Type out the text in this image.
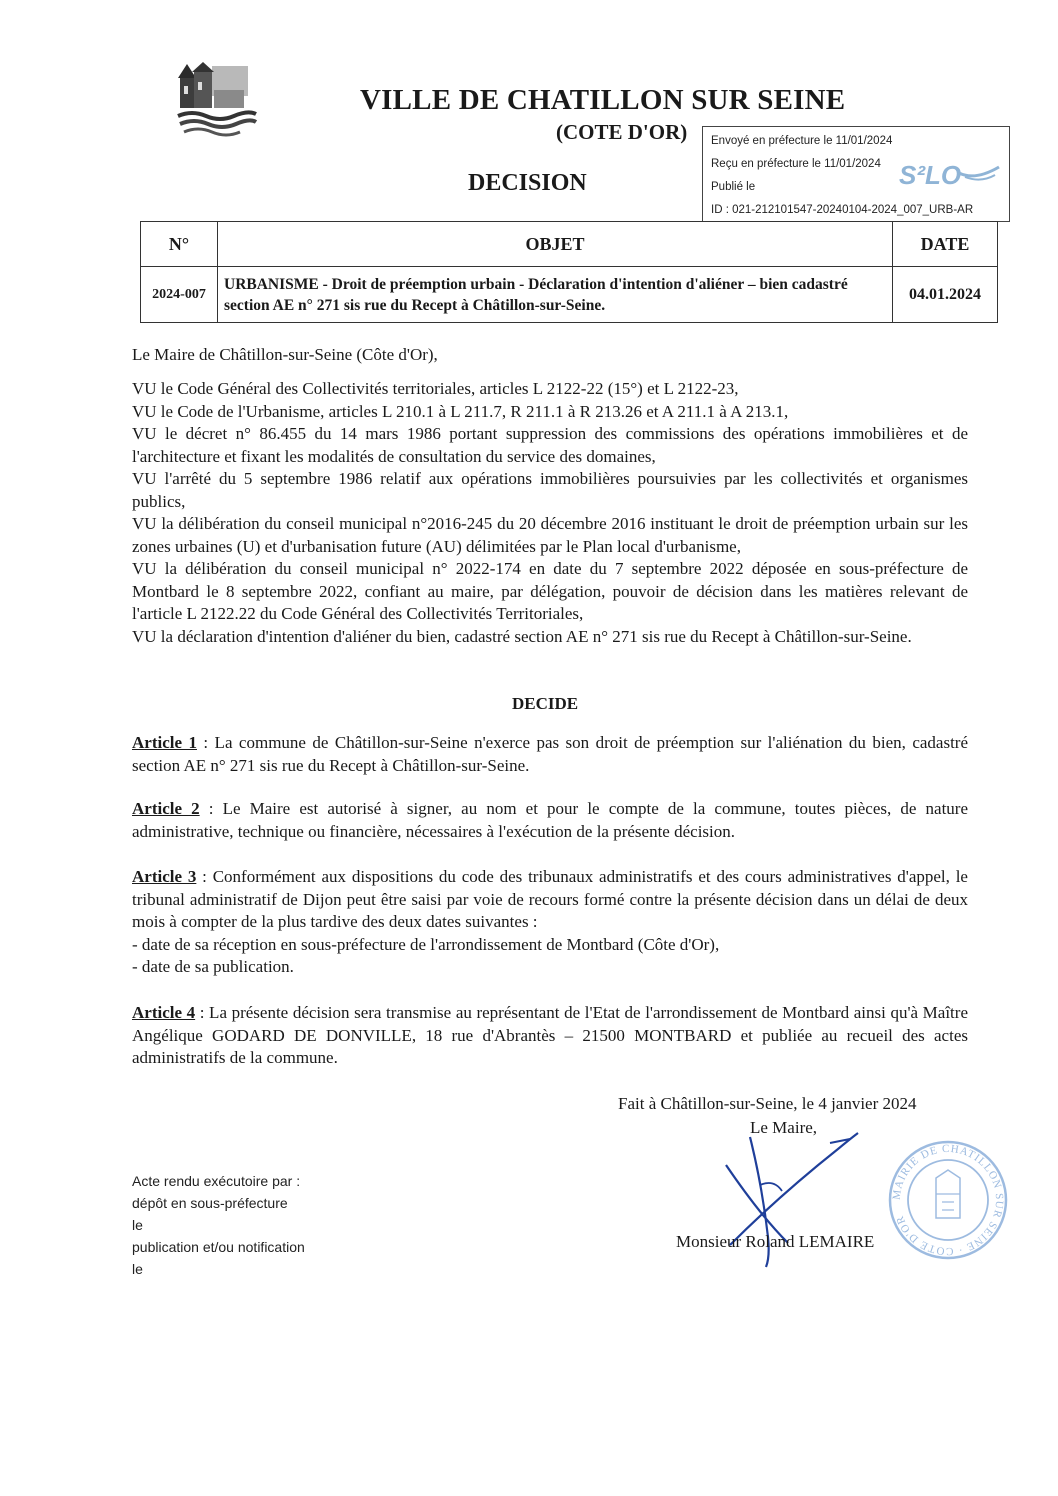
VILLE DE CHATILLON SUR SEINE
(COTE D'OR)
DECISION
Envoyé en préfecture le 11/01/2024
Reçu en préfecture le 11/01/2024
Publié le
ID : 021-212101547-20240104-2024_007_URB-AR
S²LO
N°	OBJET	DATE
2024-007	URBANISME - Droit de préemption urbain - Déclaration d'intention d'aliéner – bien cadastré section AE n° 271 sis rue du Recept à Châtillon-sur-Seine.	04.01.2024
Le Maire de Châtillon-sur-Seine (Côte d'Or),

VU le Code Général des Collectivités territoriales, articles L 2122-22 (15°) et L 2122-23,

VU le Code de l'Urbanisme, articles L 210.1 à L 211.7, R 211.1 à R 213.26 et A 211.1 à A 213.1,

VU le décret n° 86.455 du 14 mars 1986 portant suppression des commissions des opérations immobilières et de l'architecture et fixant les modalités de consultation du service des domaines,

VU l'arrêté du 5 septembre 1986 relatif aux opérations immobilières poursuivies par les collectivités et organismes publics,

VU la délibération du conseil municipal n°2016-245 du 20 décembre 2016 instituant le droit de préemption urbain sur les zones urbaines (U) et d'urbanisation future (AU) délimitées par le Plan local d'urbanisme,

VU la délibération du conseil municipal n° 2022-174 en date du 7 septembre 2022 déposée en sous-préfecture de Montbard le 8 septembre 2022, confiant au maire, par délégation, pouvoir de décision dans les matières relevant de l'article L 2122.22 du Code Général des Collectivités Territoriales,

VU la déclaration d'intention d'aliéner du bien, cadastré section AE n° 271 sis rue du Recept à Châtillon-sur-Seine.

DECIDE

Article 1 : La commune de Châtillon-sur-Seine n'exerce pas son droit de préemption sur l'aliénation du bien, cadastré section AE n° 271 sis rue du Recept à Châtillon-sur-Seine.

Article 2 : Le Maire est autorisé à signer, au nom et pour le compte de la commune, toutes pièces, de nature administrative, technique ou financière, nécessaires à l'exécution de la présente décision.

Article 3 : Conformément aux dispositions du code des tribunaux administratifs et des cours administratives d'appel, le tribunal administratif de Dijon peut être saisi par voie de recours formé contre la présente décision dans un délai de deux mois à compter de la plus tardive des deux dates suivantes :

- date de sa réception en sous-préfecture de l'arrondissement de Montbard (Côte d'Or),

- date de sa publication.

Article 4 : La présente décision sera transmise au représentant de l'Etat de l'arrondissement de Montbard ainsi qu'à Maître Angélique GODARD DE DONVILLE, 18 rue d'Abrantès – 21500 MONTBARD et publiée au recueil des actes administratifs de la commune.

Fait à Châtillon-sur-Seine, le 4 janvier 2024
Le Maire,
Monsieur Roland LEMAIRE
MAIRIE DE CHATILLON SUR SEINE · COTE D'OR
Acte rendu exécutoire par :
dépôt en sous-préfecture
le
publication et/ou notification
le
